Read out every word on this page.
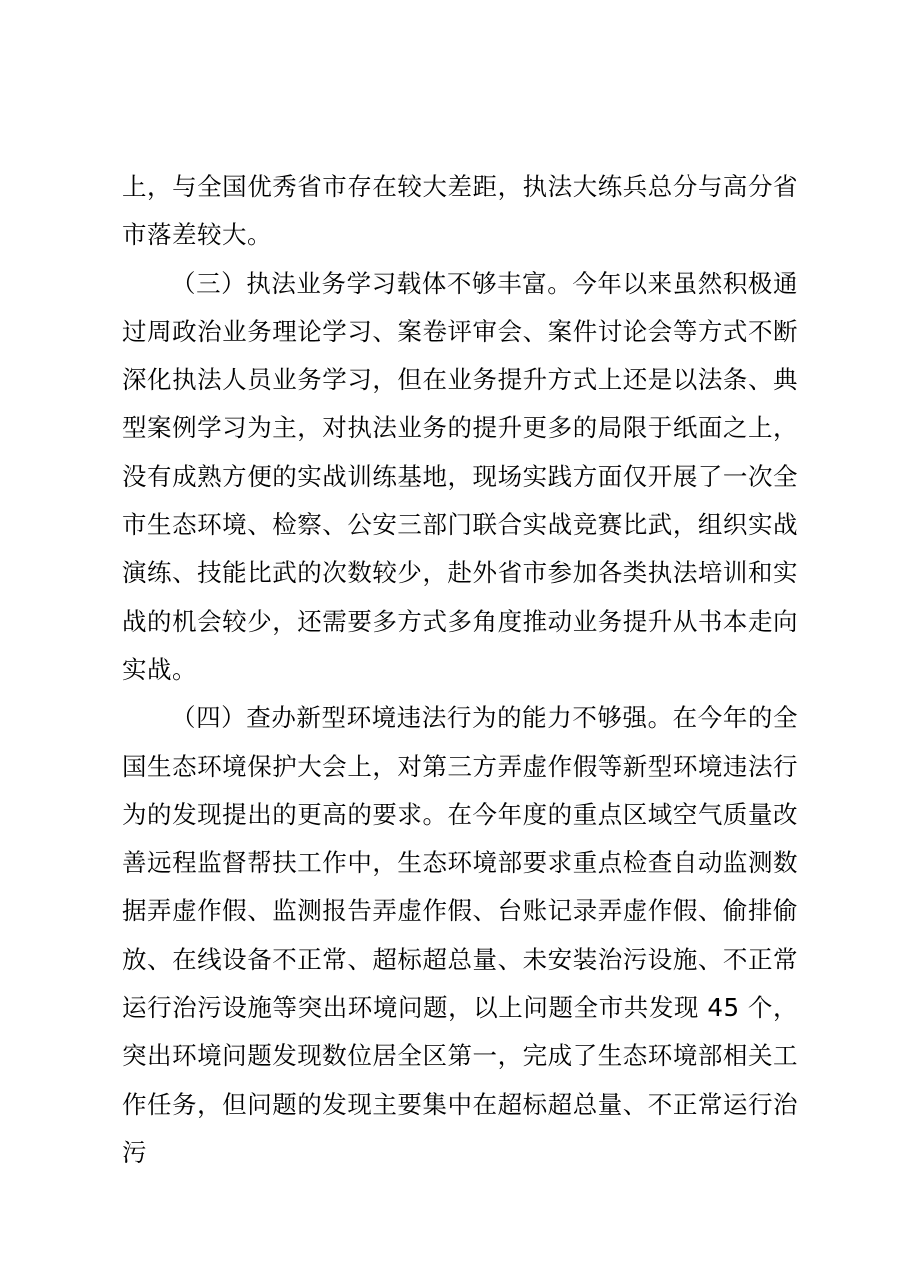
上，与全国优秀省市存在较大差距，执法大练兵总分与高分省市落差较大。

（三）执法业务学习载体不够丰富。今年以来虽然积极通过周政治业务理论学习、案卷评审会、案件讨论会等方式不断深化执法人员业务学习，但在业务提升方式上还是以法条、典型案例学习为主，对执法业务的提升更多的局限于纸面之上，没有成熟方便的实战训练基地，现场实践方面仅开展了一次全市生态环境、检察、公安三部门联合实战竞赛比武，组织实战演练、技能比武的次数较少，赴外省市参加各类执法培训和实战的机会较少，还需要多方式多角度推动业务提升从书本走向实战。

（四）查办新型环境违法行为的能力不够强。在今年的全国生态环境保护大会上，对第三方弄虚作假等新型环境违法行为的发现提出的更高的要求。在今年度的重点区域空气质量改善远程监督帮扶工作中，生态环境部要求重点检查自动监测数据弄虚作假、监测报告弄虚作假、台账记录弄虚作假、偷排偷放、在线设备不正常、超标超总量、未安装治污设施、不正常运行治污设施等突出环境问题，以上问题全市共发现 45 个，突出环境问题发现数位居全区第一，完成了生态环境部相关工作任务，但问题的发现主要集中在超标超总量、不正常运行治污
